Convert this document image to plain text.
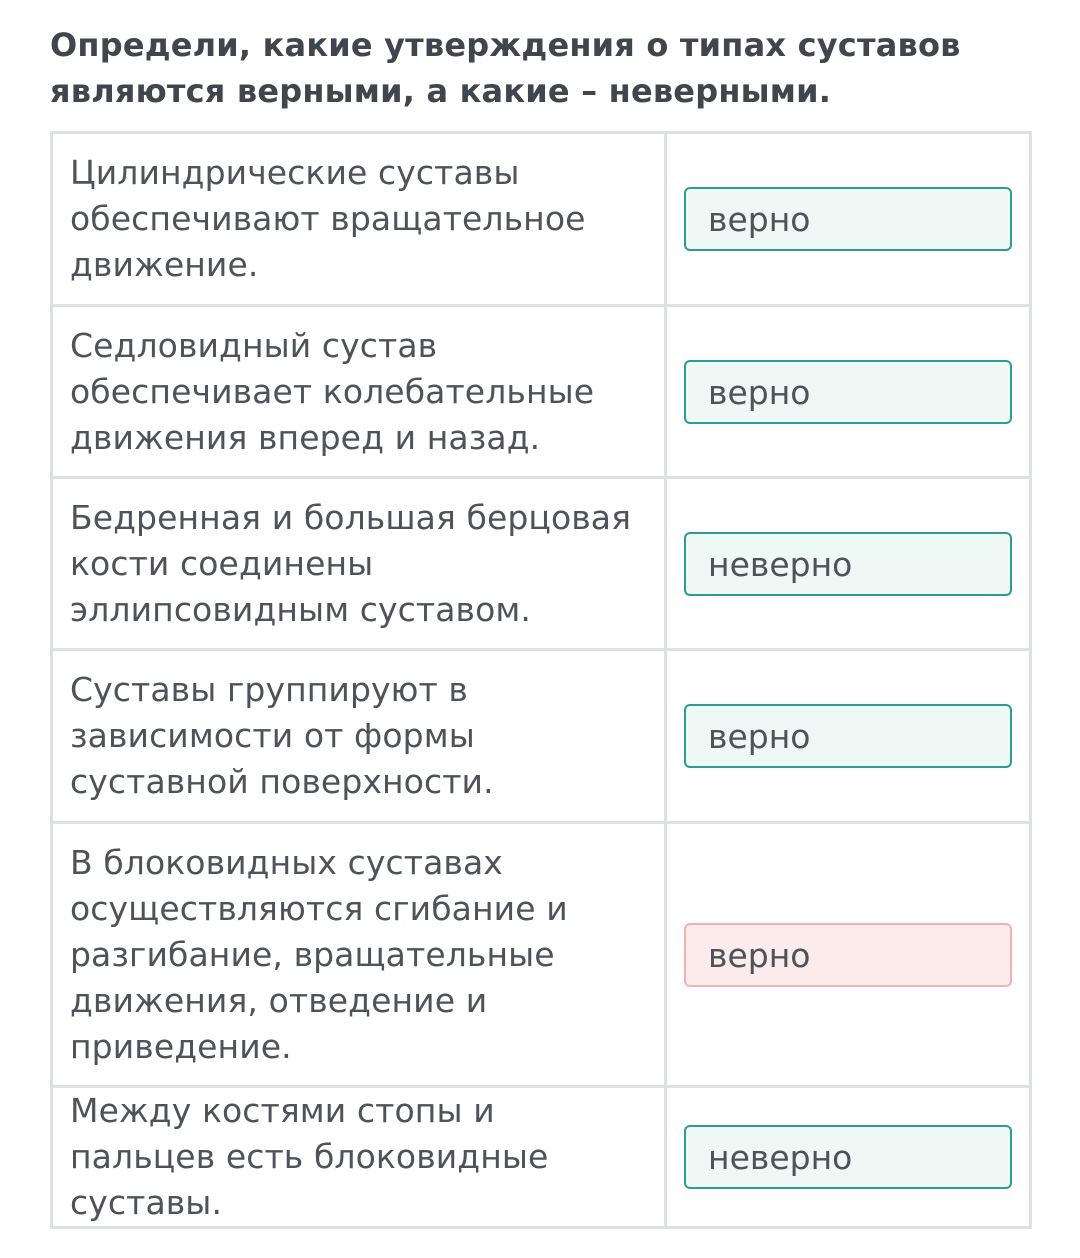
Определи, какие утверждения о типах суставов являются верными, а какие – неверными.
Цилиндрические суставы обеспечивают вращательное движение.	верно

Седловидный сустав обеспечивает колебательные движения вперед и назад.	верно

Бедренная и большая берцовая кости соединены эллипсовидным суставом.	неверно

Суставы группируют в зависимости от формы суставной поверхности.	верно

В блоковидных суставах осуществляются сгибание и разгибание, вращательные движения, отведение и приведение.	верно

Между костями стопы и пальцев есть блоковидные суставы.	неверно
